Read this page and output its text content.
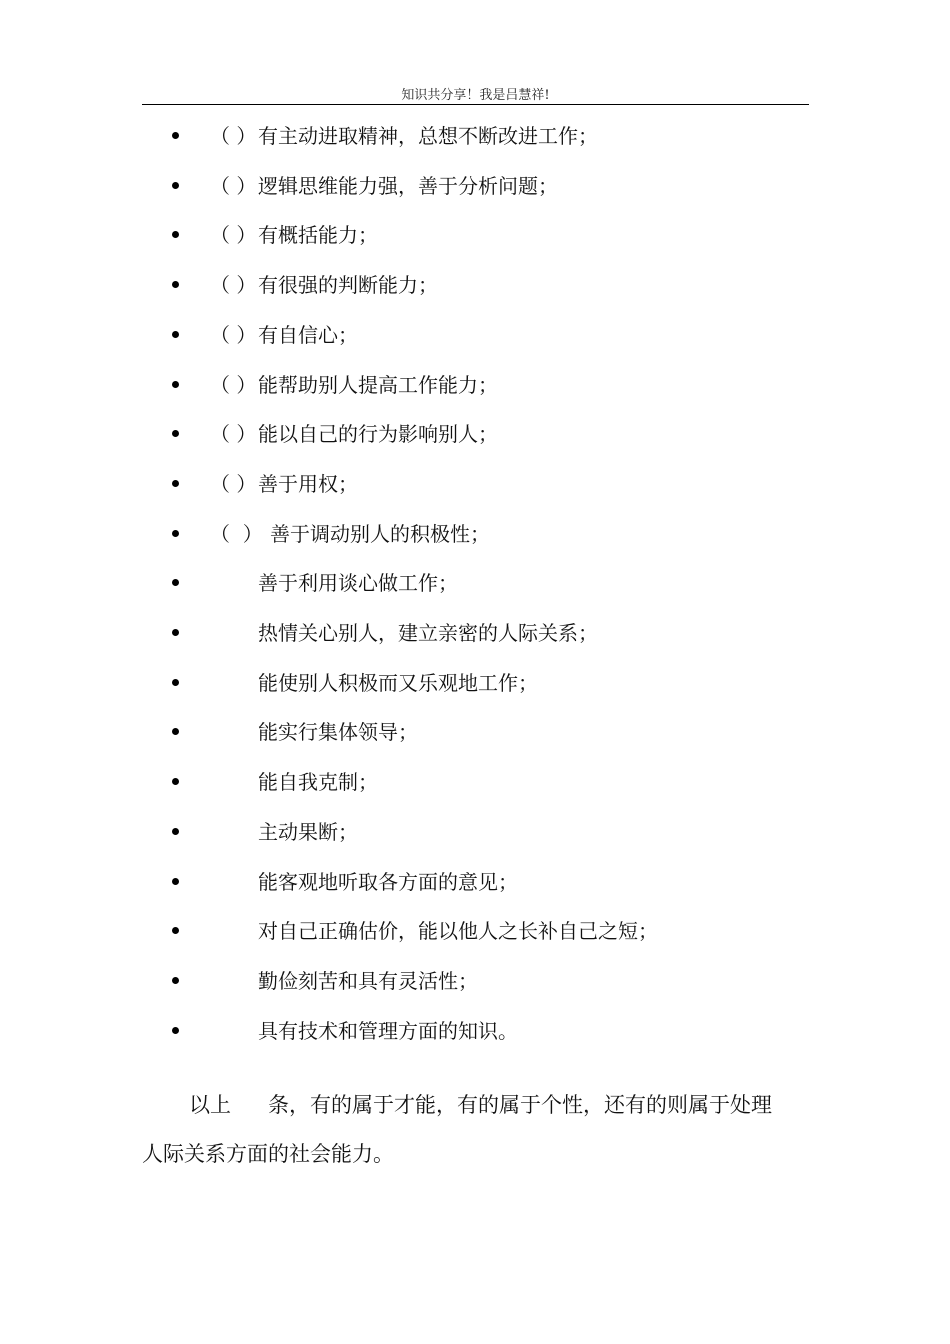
知识共分享！我是吕慧祥!
（ ） 有主动进取精神，总想不断改进工作；
（ ） 逻辑思维能力强，善于分析问题；
（ ） 有概括能力；
（ ） 有很强的判断能力；
（ ） 有自信心；
（ ） 能帮助别人提高工作能力；
（ ） 能以自己的行为影响别人；
（ ） 善于用权；
（  ） 善于调动别人的积极性；
善于利用谈心做工作；
热情关心别人，建立亲密的人际关系；
能使别人积极而又乐观地工作；
能实行集体领导；
能自我克制；
主动果断；
能客观地听取各方面的意见；
对自己正确估价，能以他人之长补自己之短；
勤俭刻苦和具有灵活性；
具有技术和管理方面的知识。
以上 条，有的属于才能，有的属于个性，还有的则属于处理
人际关系方面的社会能力。
